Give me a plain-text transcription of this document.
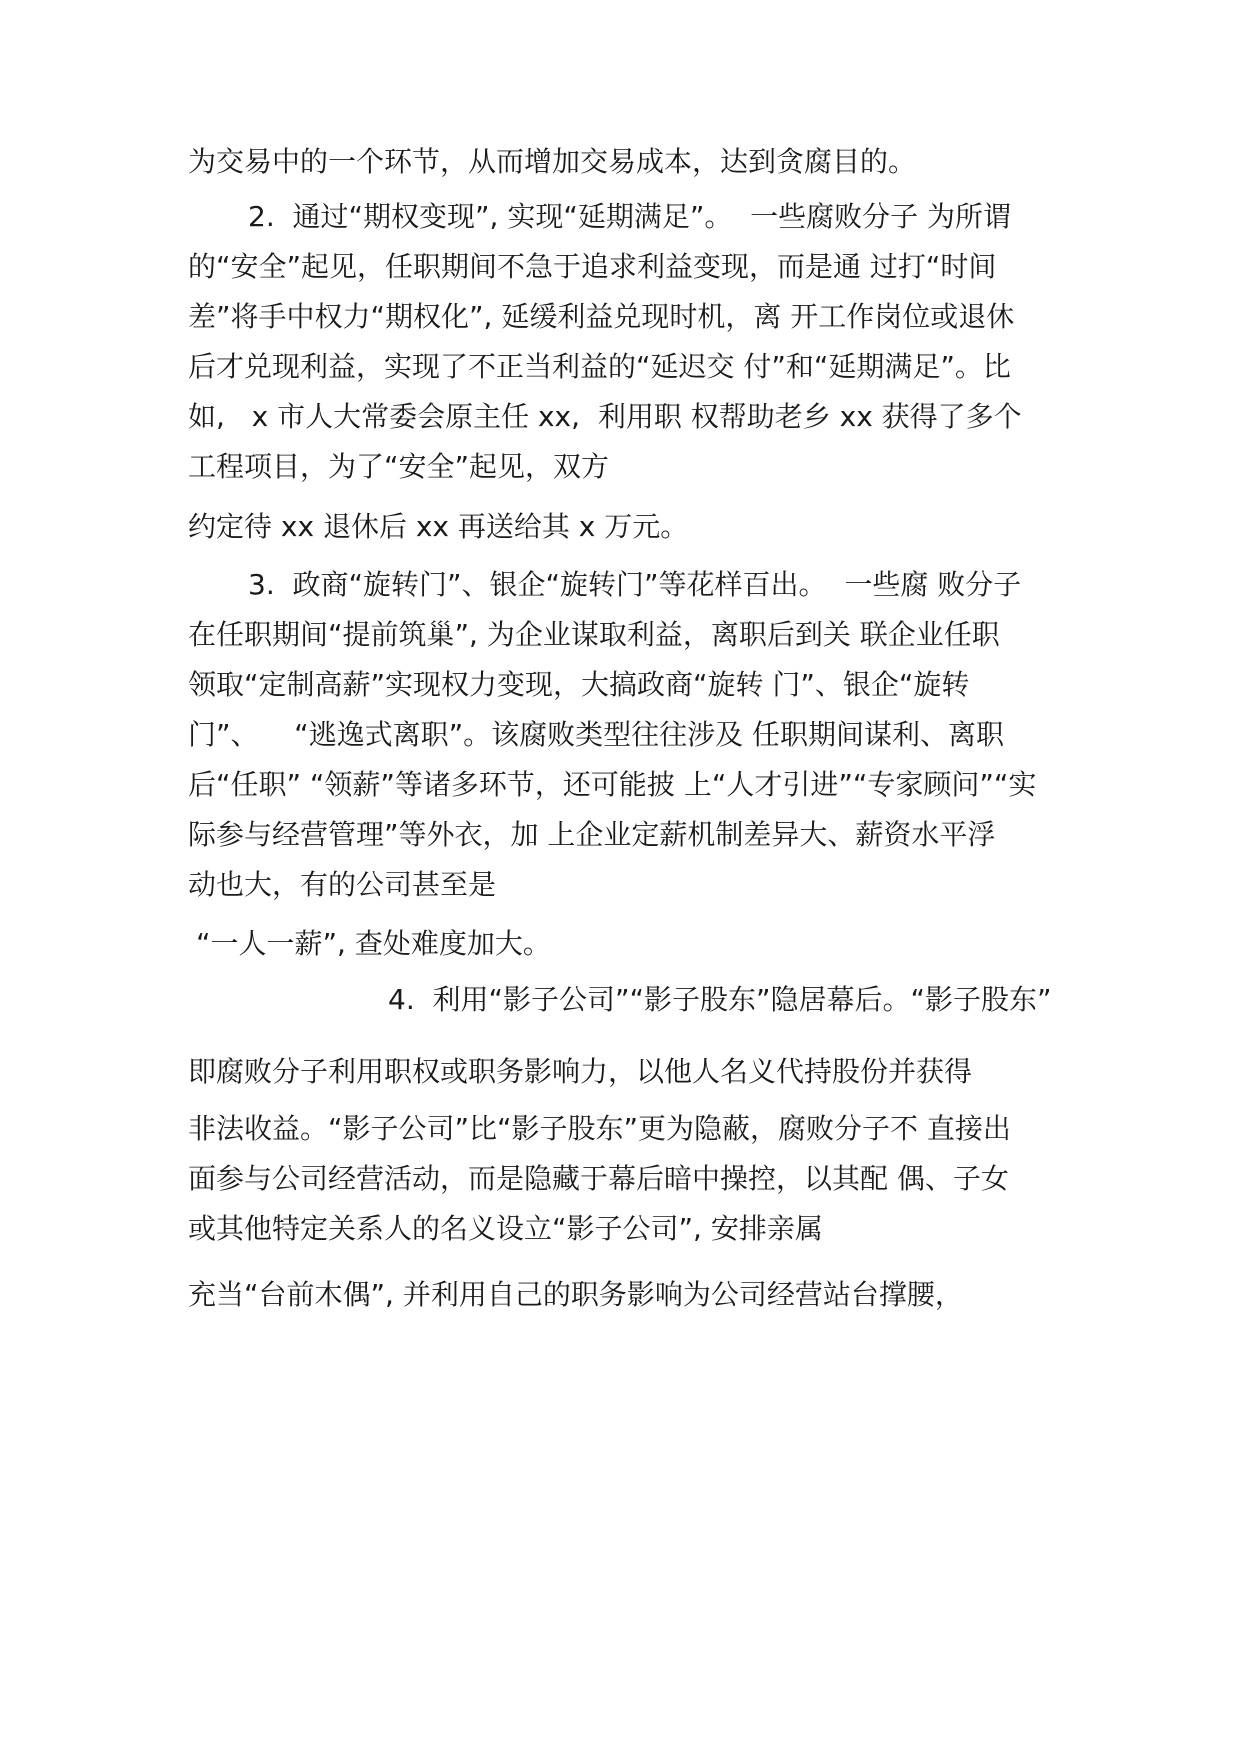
为交易中的一个环节，从而增加交易成本，达到贪腐目的。
2.  通过“期权变现”, 实现“延期满足”。  一些腐败分子 为所谓
的“安全”起见，任职期间不急于追求利益变现，而是通 过打“时间
差”将手中权力“期权化”, 延缓利益兑现时机，离 开工作岗位或退休
后才兑现利益，实现了不正当利益的“延迟交 付”和“延期满足”。比
如,   x 市人大常委会原主任 xx,  利用职 权帮助老乡 xx 获得了多个
工程项目，为了“安全”起见，双方
约定待 xx 退休后 xx 再送给其 x 万元。
3.  政商“旋转门”、银企“旋转门”等花样百出。  一些腐 败分子
在任职期间“提前筑巢”, 为企业谋取利益，离职后到关 联企业任职
领取“定制高薪”实现权力变现，大搞政商“旋转 门”、银企“旋转
门”、    “逃逸式离职”。该腐败类型往往涉及 任职期间谋利、离职
后“任职” “领薪”等诸多环节，还可能披 上“人才引进”“专家顾问”“实
际参与经营管理”等外衣，加 上企业定薪机制差异大、薪资水平浮
动也大，有的公司甚至是
“一人一薪”, 查处难度加大。
4.  利用“影子公司”“影子股东”隐居幕后。“影子股东”
即腐败分子利用职权或职务影响力，以他人名义代持股份并获得
非法收益。“影子公司”比“影子股东”更为隐蔽，腐败分子不 直接出
面参与公司经营活动，而是隐藏于幕后暗中操控，以其配 偶、子女
或其他特定关系人的名义设立“影子公司”, 安排亲属
充当“台前木偶”, 并利用自己的职务影响为公司经营站台撑腰，
